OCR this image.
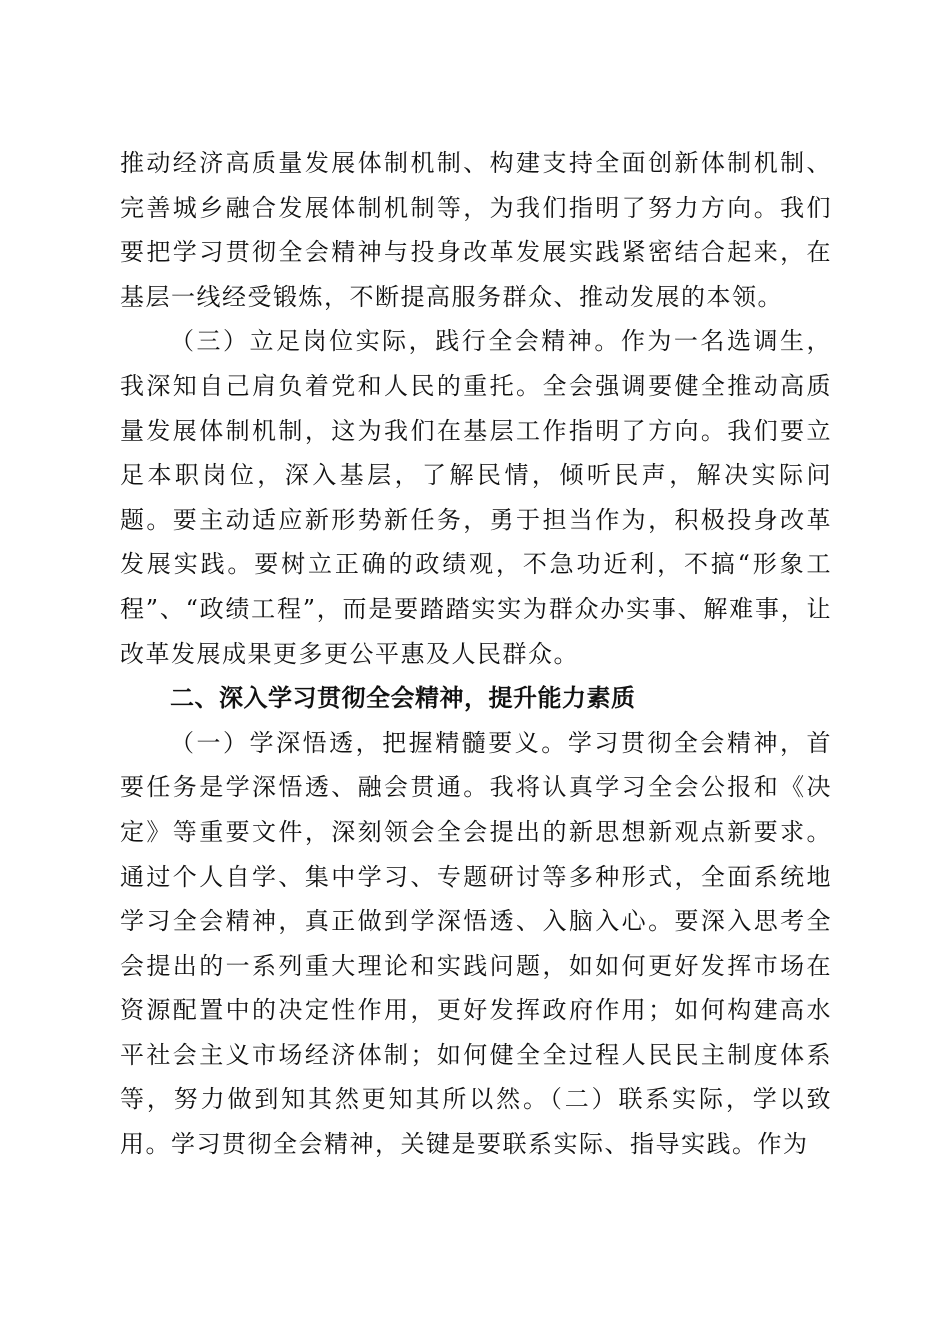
推动经济高质量发展体制机制、构建支持全面创新体制机制、完善城乡融合发展体制机制等，为我们指明了努力方向。我们要把学习贯彻全会精神与投身改革发展实践紧密结合起来，在基层一线经受锻炼，不断提高服务群众、推动发展的本领。

（三）立足岗位实际，践行全会精神。作为一名选调生，我深知自己肩负着党和人民的重托。全会强调要健全推动高质量发展体制机制，这为我们在基层工作指明了方向。我们要立足本职岗位，深入基层，了解民情，倾听民声，解决实际问题。要主动适应新形势新任务，勇于担当作为，积极投身改革发展实践。要树立正确的政绩观，不急功近利，不搞“形象工程”、“政绩工程”，而是要踏踏实实为群众办实事、解难事，让改革发展成果更多更公平惠及人民群众。

二、深入学习贯彻全会精神，提升能力素质

（一）学深悟透，把握精髓要义。学习贯彻全会精神，首要任务是学深悟透、融会贯通。我将认真学习全会公报和《决定》等重要文件，深刻领会全会提出的新思想新观点新要求。通过个人自学、集中学习、专题研讨等多种形式，全面系统地学习全会精神，真正做到学深悟透、入脑入心。要深入思考全会提出的一系列重大理论和实践问题，如如何更好发挥市场在资源配置中的决定性作用，更好发挥政府作用；如何构建高水平社会主义市场经济体制；如何健全全过程人民民主制度体系等，努力做到知其然更知其所以然。（二）联系实际，学以致用。学习贯彻全会精神，关键是要联系实际、指导实践。作为
